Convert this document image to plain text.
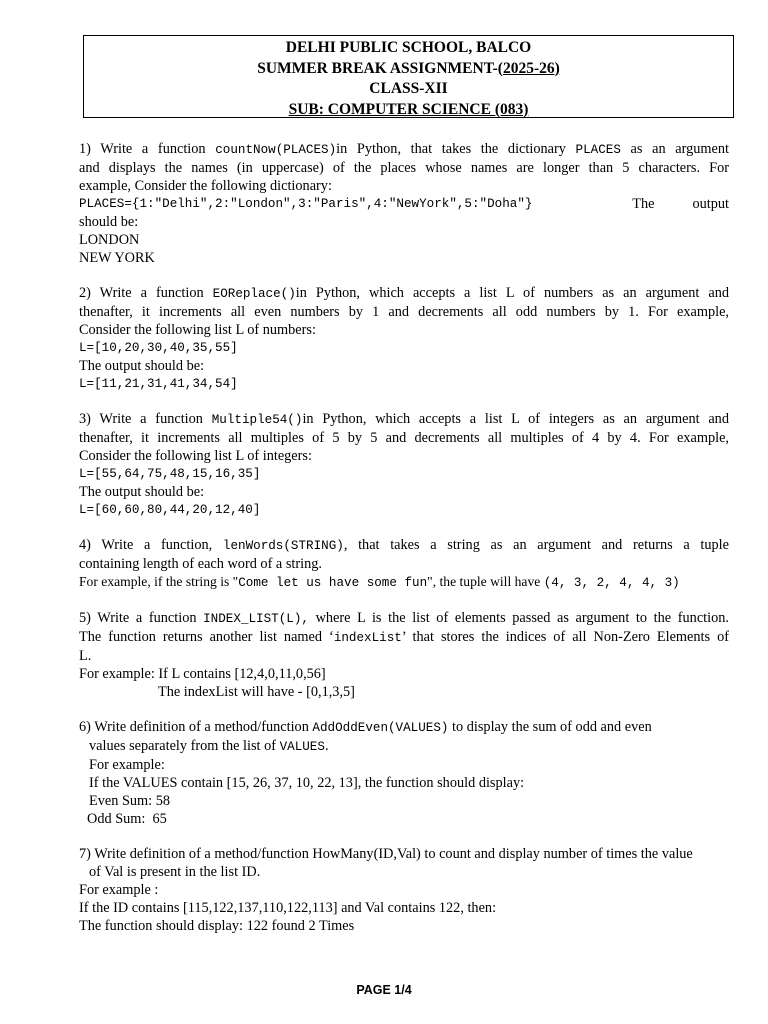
DELHI PUBLIC SCHOOL, BALCO
SUMMER BREAK ASSIGNMENT-(2025-26)
CLASS-XII
SUB: COMPUTER SCIENCE (083)
1) Write a function countNow(PLACES)in Python, that takes the dictionary PLACES as an argument
and displays the names (in uppercase) of the places whose names are longer than 5 characters. For
example, Consider the following dictionary:
PLACES={1:"Delhi",2:"London",3:"Paris",4:"NewYork",5:"Doha"}	The	output
should be:
LONDON
NEW YORK
2) Write a function EOReplace()in Python, which accepts a list L of numbers as an argument and
thenafter, it increments all even numbers by 1 and decrements all odd numbers by 1. For example,
Consider the following list L of numbers:
L=[10,20,30,40,35,55]
The output should be:
L=[11,21,31,41,34,54]
3) Write a function Multiple54()in Python, which accepts a list L of integers as an argument and
thenafter, it increments all multiples of 5 by 5 and decrements all multiples of 4 by 4. For example,
Consider the following list L of integers:
L=[55,64,75,48,15,16,35]
The output should be:
L=[60,60,80,44,20,12,40]
4) Write a function, lenWords(STRING), that takes a string as an argument and returns a tuple
containing length of each word of a string.
For example, if the string is "Come let us have some fun", the tuple will have (4, 3, 2, 4, 4, 3)
5) Write a function INDEX_LIST(L), where L is the list of elements passed as argument to the function.
The function returns another list named ‘indexList’ that stores the indices of all Non-Zero Elements of
L.
For example: If L contains [12,4,0,11,0,56]
The indexList will have - [0,1,3,5]
6) Write definition of a method/function AddOddEven(VALUES) to display the sum of odd and even
values separately from the list of VALUES.
For example:
If the VALUES contain [15, 26, 37, 10, 22, 13], the function should display:
Even Sum: 58
Odd Sum:  65
7) Write definition of a method/function HowMany(ID,Val) to count and display number of times the value
of Val is present in the list ID.
For example :
If the ID contains [115,122,137,110,122,113] and Val contains 122, then:
The function should display: 122 found 2 Times
PAGE 1/4
